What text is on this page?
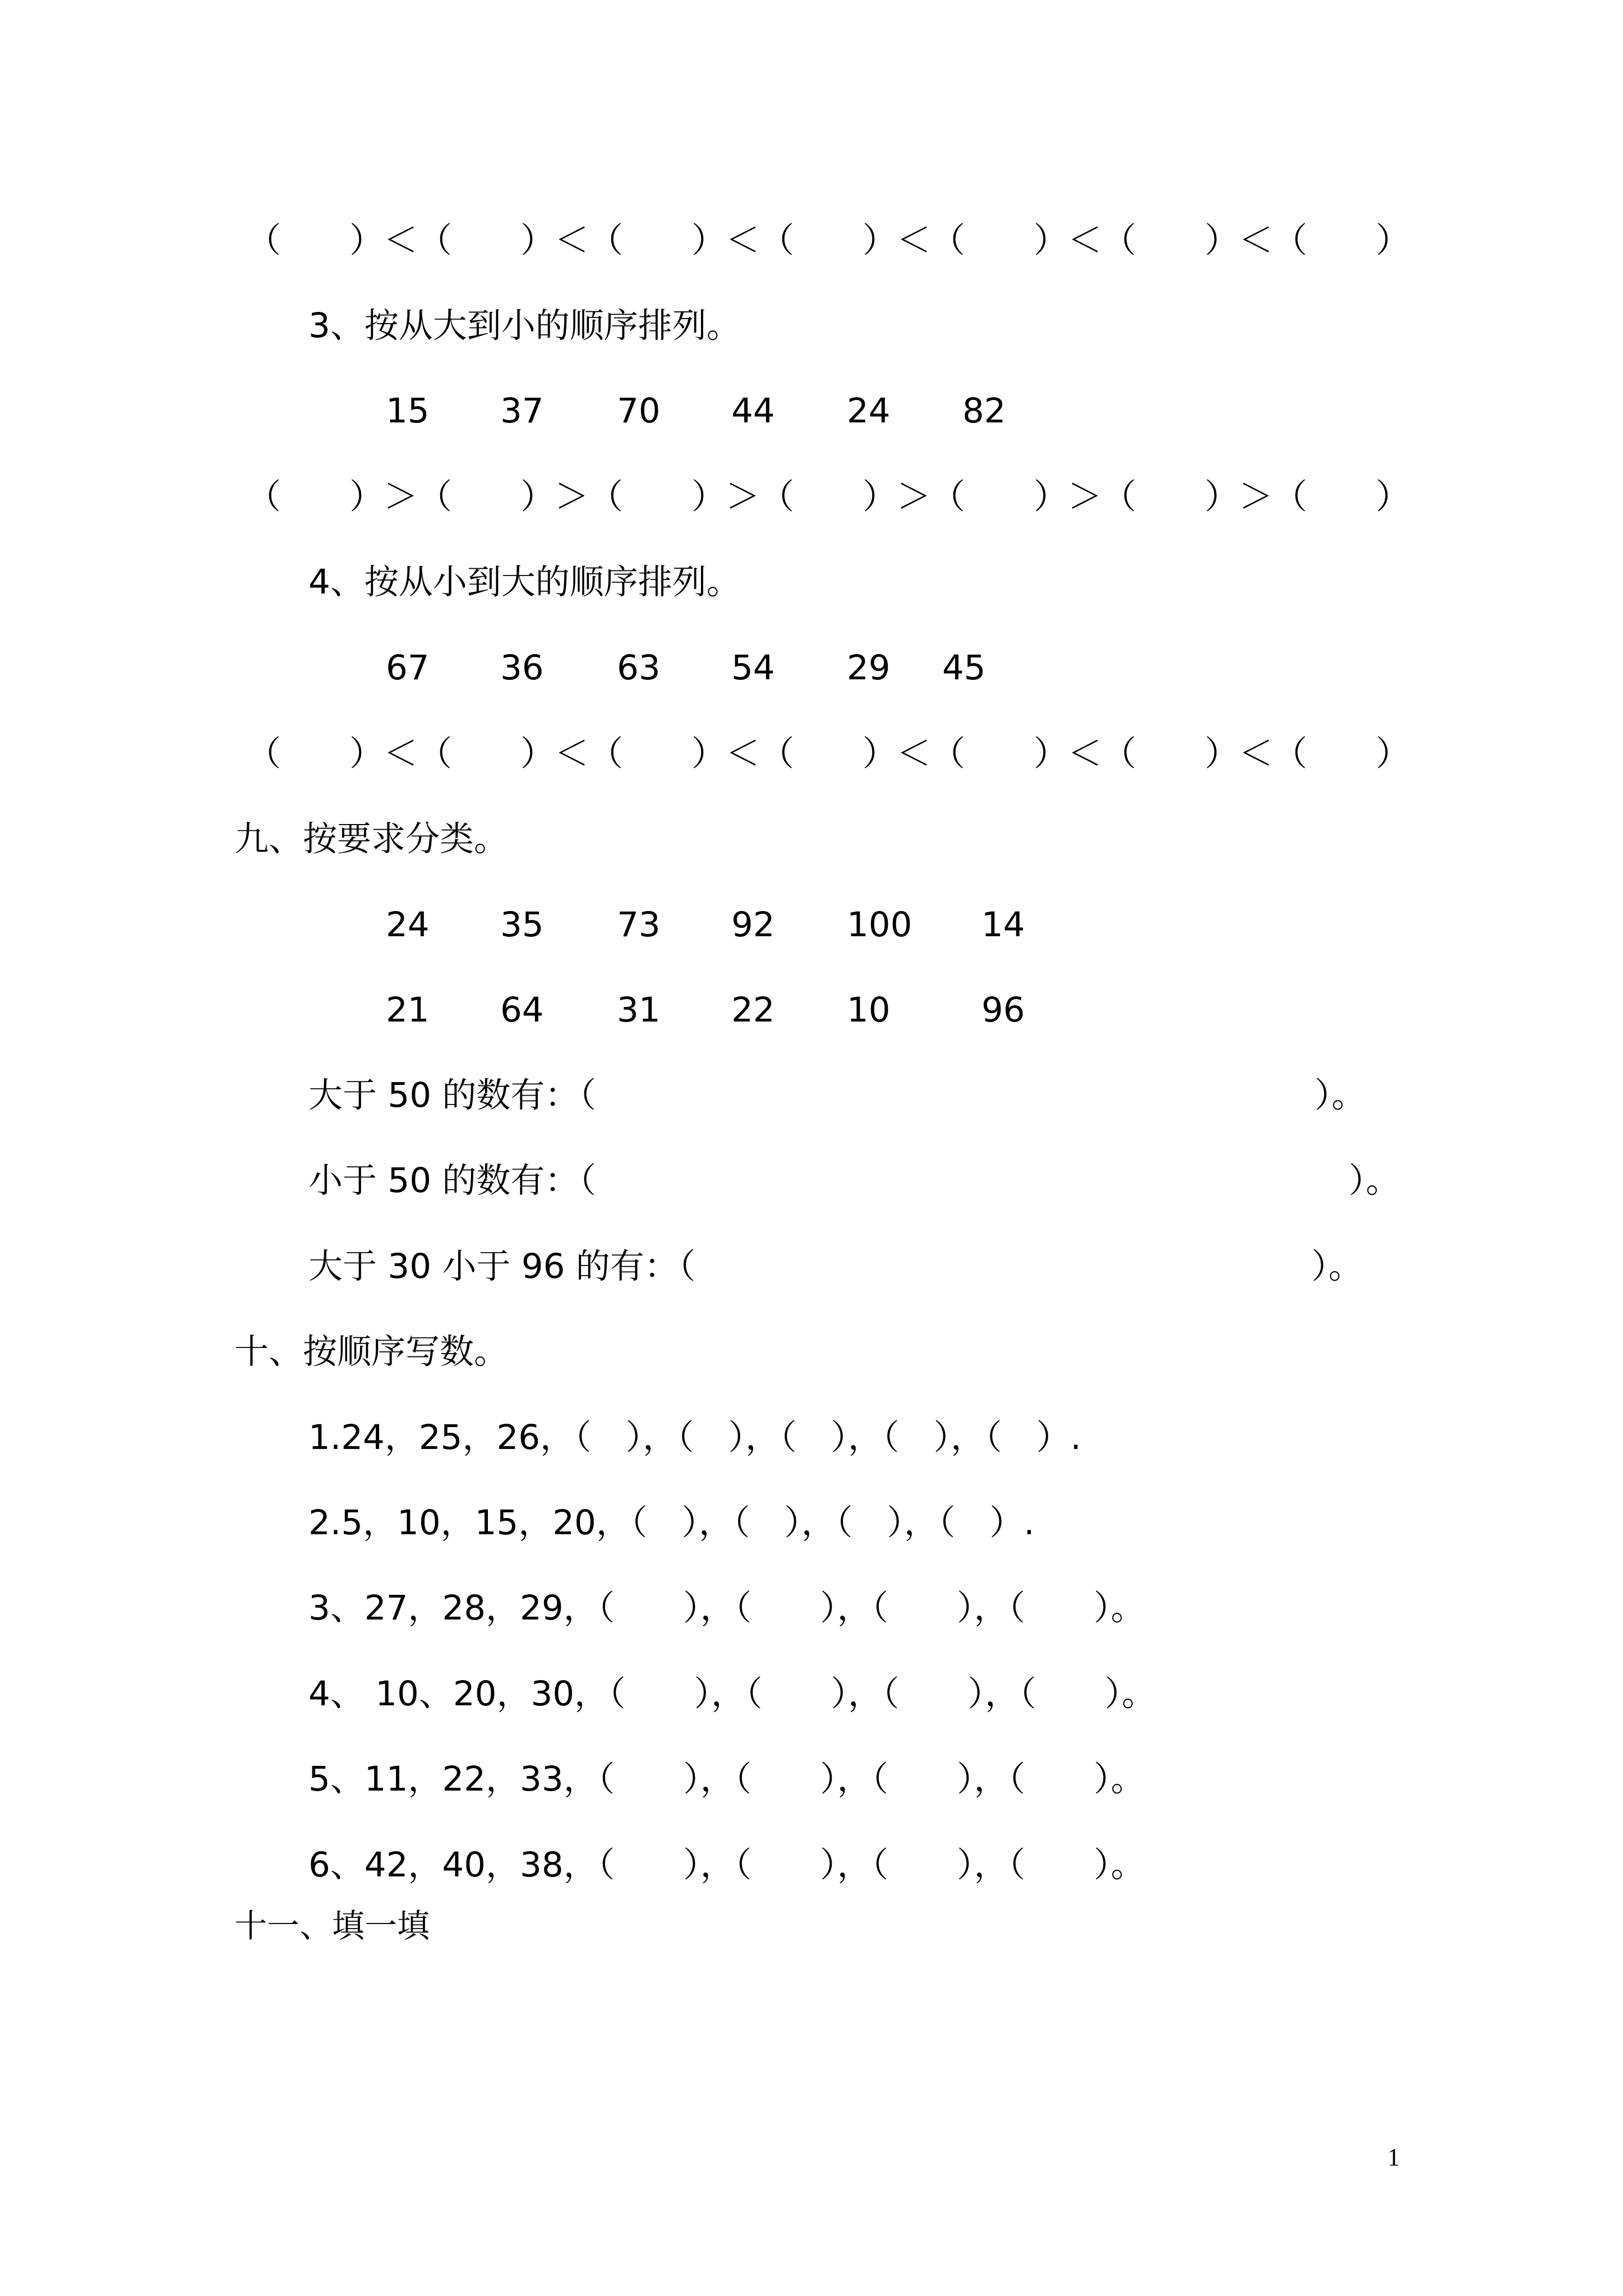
（　　）＜（　　）＜（　　）＜（　　）＜（　　）＜（　　）＜（　　）
3、按从大到小的顺序排列。

15

37

70

44

24

82

（　　）＞（　　）＞（　　）＞（　　）＞（　　）＞（　　）＞（　　）
4、按从小到大的顺序排列。

67

36

63

54

29

45

（　　）＜（　　）＜（　　）＜（　　）＜（　　）＜（　　）＜（　　）
九、按要求分类。

24

35

73

92

100

14

21

64

31

22

10

	96

大于 50 的数有：（　　　　　　　　　　　　　　　　　　　　　）。
小于 50 的数有：（　　　　　　　　　　　　　　　　　　　　　　）。
大于 30 小于 96 的有：（　　　　　　　　　　　　　　　　　　）。
十、按顺序写数。
1.24，25，26，（　），（　），（　），（　），（　）.
2.5，10，15，20，（　），（　），（　），（　）.
3、27，28，29，（　　），（　　），（　　），（　　）。
4、 10、20，30，（　　），（　　），（　　），（　　）。
5、11，22，33，（　　），（　　），（　　），（　　）。
6、42，40，38，（　　），（　　），（　　），（　　）。
十一、填一填
1
